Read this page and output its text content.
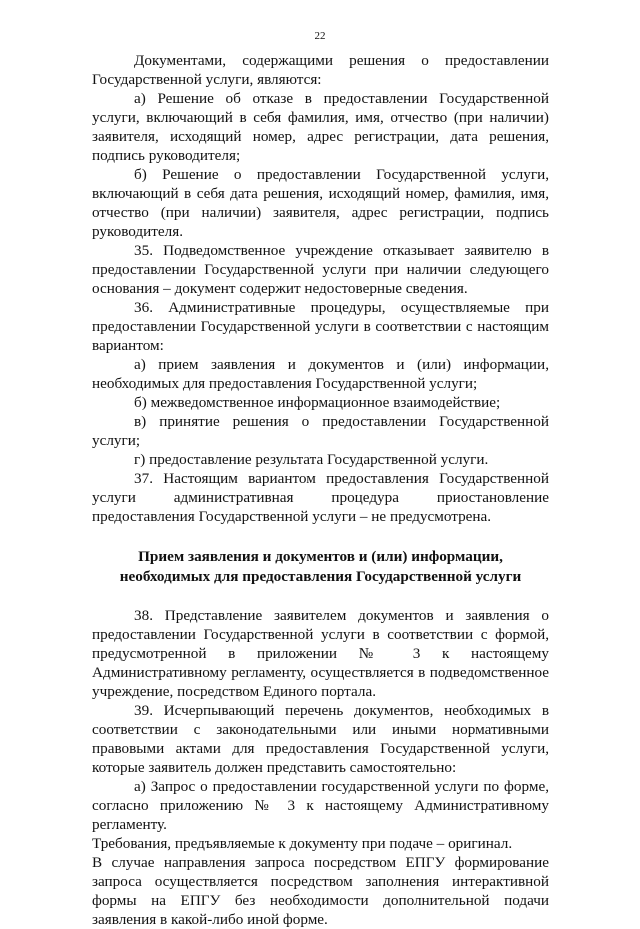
22

Документами, содержащими решения о предоставлении Государственной услуги, являются:

а) Решение об отказе в предоставлении Государственной услуги, включающий в себя фамилия, имя, отчество (при наличии) заявителя, исходящий номер, адрес регистрации, дата решения, подпись руководителя;

б) Решение о предоставлении Государственной услуги, включающий в себя дата решения, исходящий номер, фамилия, имя, отчество (при наличии) заявителя, адрес регистрации, подпись руководителя.

35. Подведомственное учреждение отказывает заявителю в предоставлении Государственной услуги при наличии следующего основания – документ содержит недостоверные сведения.

36. Административные процедуры, осуществляемые при предоставлении Государственной услуги в соответствии с настоящим вариантом:

а) прием заявления и документов и (или) информации, необходимых для предоставления Государственной услуги;

б) межведомственное информационное взаимодействие;

в) принятие решения о предоставлении Государственной услуги;

г) предоставление результата Государственной услуги.

37. Настоящим вариантом предоставления Государственной услуги административная процедура приостановление предоставления Государственной услуги – не предусмотрена.

Прием заявления и документов и (или) информации, необходимых для предоставления Государственной услуги

38. Представление заявителем документов и заявления о предоставлении Государственной услуги в соответствии с формой, предусмотренной в приложении № 3 к настоящему Административному регламенту, осуществляется в подведомственное учреждение, посредством Единого портала.

39. Исчерпывающий перечень документов, необходимых в соответствии с законодательными или иными нормативными правовыми актами для предоставления Государственной услуги, которые заявитель должен представить самостоятельно:

а) Запрос о предоставлении государственной услуги по форме, согласно приложению № 3 к настоящему Административному регламенту.

Требования, предъявляемые к документу при подаче – оригинал.

В случае направления запроса посредством ЕПГУ формирование запроса осуществляется посредством заполнения интерактивной формы на ЕПГУ без необходимости дополнительной подачи заявления в какой-либо иной форме.
